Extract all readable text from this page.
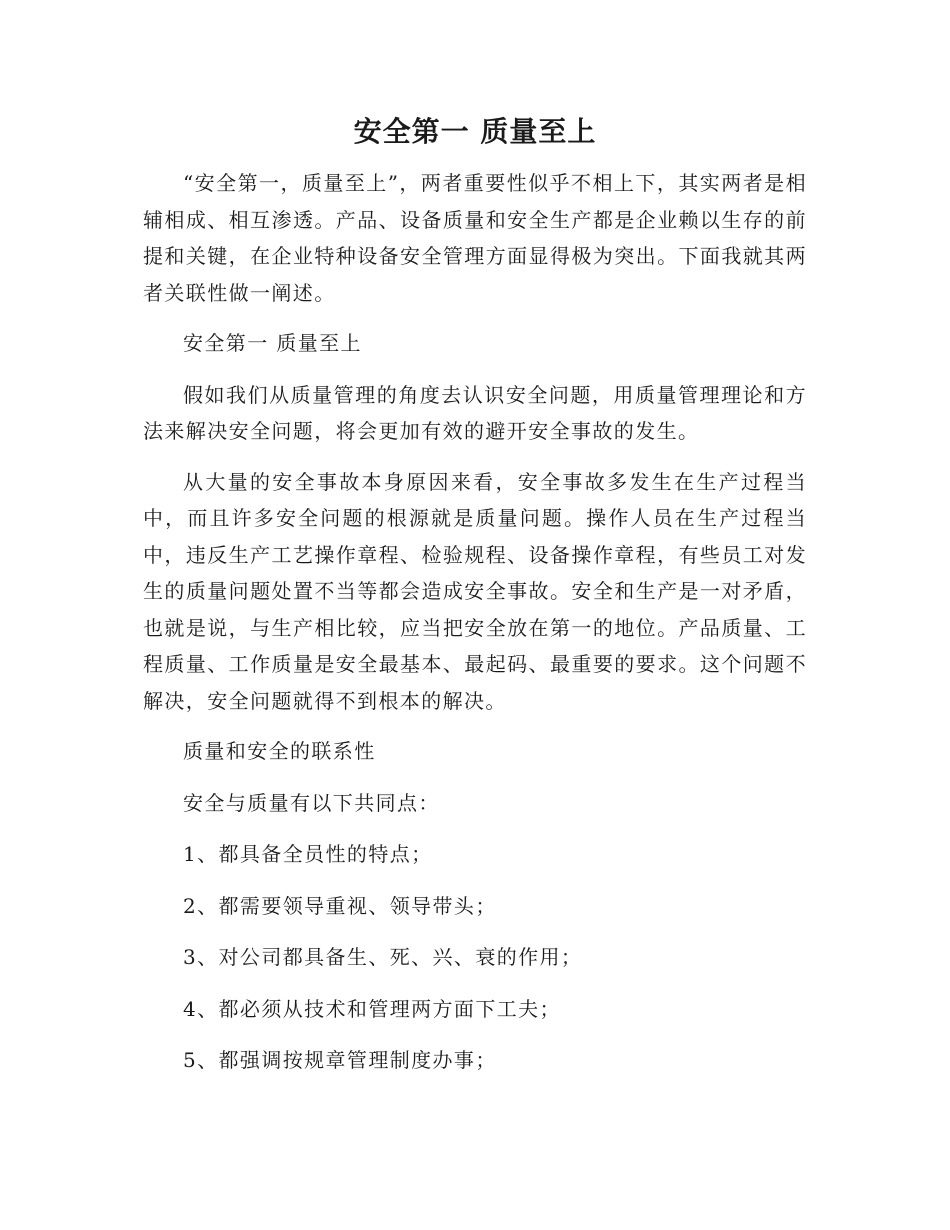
安全第一 质量至上

“安全第一，质量至上”，两者重要性似乎不相上下，其实两者是相辅相成、相互渗透。产品、设备质量和安全生产都是企业赖以生存的前提和关键，在企业特种设备安全管理方面显得极为突出。下面我就其两者关联性做一阐述。

安全第一 质量至上

假如我们从质量管理的角度去认识安全问题，用质量管理理论和方法来解决安全问题，将会更加有效的避开安全事故的发生。

从大量的安全事故本身原因来看，安全事故多发生在生产过程当中，而且许多安全问题的根源就是质量问题。操作人员在生产过程当中，违反生产工艺操作章程、检验规程、设备操作章程，有些员工对发生的质量问题处置不当等都会造成安全事故。安全和生产是一对矛盾，也就是说，与生产相比较，应当把安全放在第一的地位。产品质量、工程质量、工作质量是安全最基本、最起码、最重要的要求。这个问题不解决，安全问题就得不到根本的解决。

质量和安全的联系性

安全与质量有以下共同点：

1、都具备全员性的特点；

2、都需要领导重视、领导带头；

3、对公司都具备生、死、兴、衰的作用；

4、都必须从技术和管理两方面下工夫；

5、都强调按规章管理制度办事；
